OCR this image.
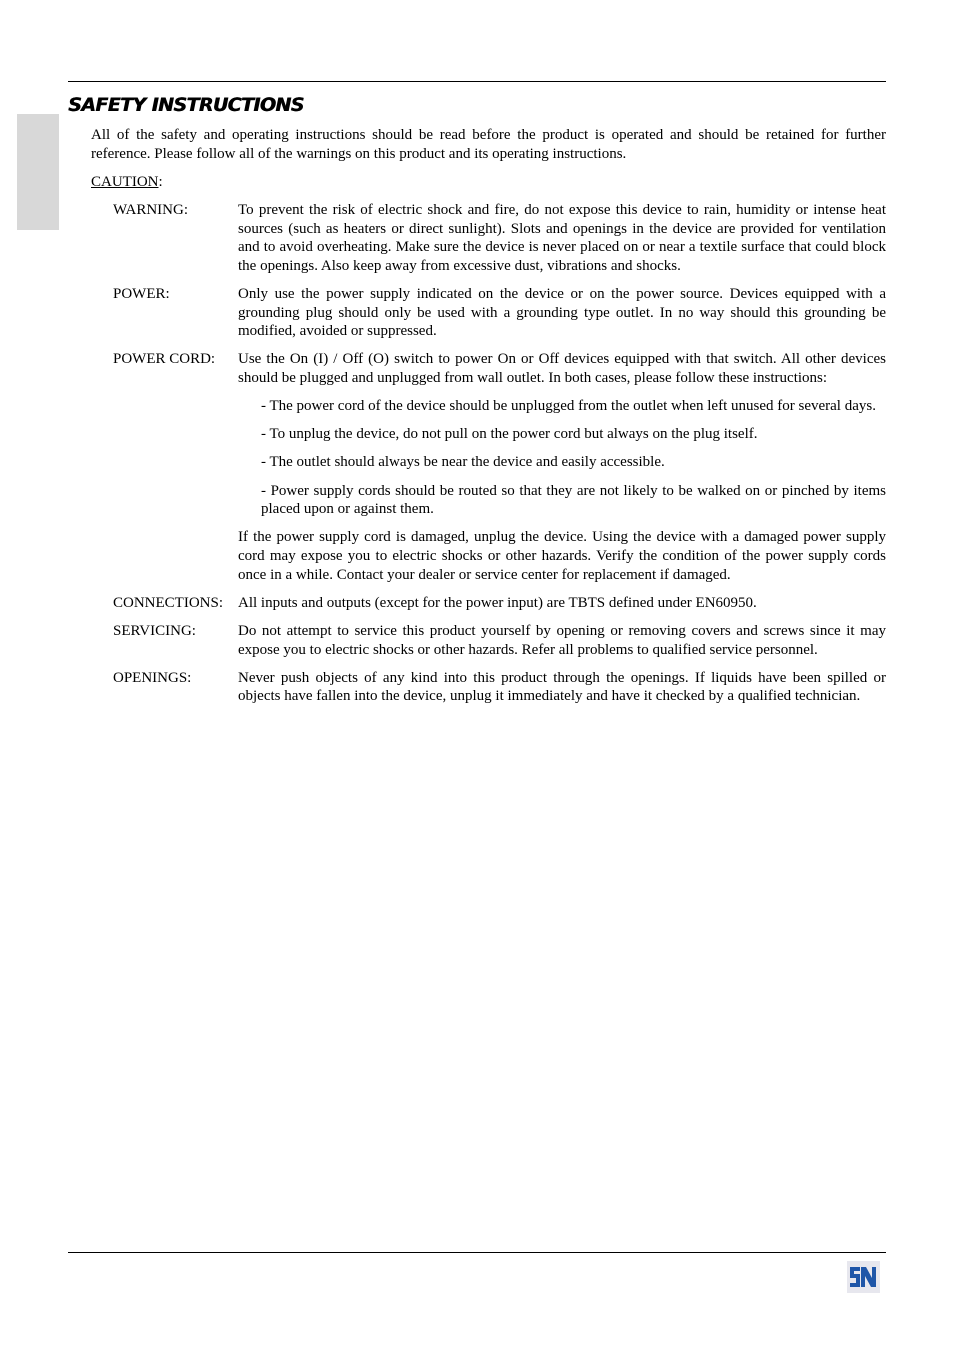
SAFETY INSTRUCTIONS

All of the safety and operating instructions should be read before the product is operated and should be retained for further reference. Please follow all of the warnings on this product and its operating instructions.

CAUTION:

WARNING:	To prevent the risk of electric shock and fire, do not expose this device to rain, humidity or intense heat sources (such as heaters or direct sunlight). Slots and openings in the device are provided for ventilation and to avoid overheating. Make sure the device is never placed on or near a textile surface that could block the openings. Also keep away from excessive dust, vibrations and shocks.

POWER:	Only use the power supply indicated on the device or on the power source. Devices equipped with a grounding plug should only be used with a grounding type outlet. In no way should this grounding be modified, avoided or suppressed.

POWER CORD:	Use the On (I) / Off (O) switch to power On or Off devices equipped with that switch. All other devices should be plugged and unplugged from wall outlet. In both cases, please follow these instructions:

- The power cord of the device should be unplugged from the outlet when left unused for several days.

- To unplug the device, do not pull on the power cord but always on the plug itself.

- The outlet should always be near the device and easily accessible.

- Power supply cords should be routed so that they are not likely to be walked on or pinched by items placed upon or against them.

If the power supply cord is damaged, unplug the device. Using the device with a damaged power supply cord may expose you to electric shocks or other hazards. Verify the condition of the power supply cords once in a while. Contact your dealer or service center for replacement if damaged.

CONNECTIONS: All inputs and outputs (except for the power input) are TBTS defined under EN60950.

SERVICING:	Do not attempt to service this product yourself by opening or removing covers and screws since it may expose you to electric shocks or other hazards. Refer all problems to qualified service personnel.

OPENINGS:	Never push objects of any kind into this product through the openings. If liquids have been spilled or objects have fallen into the device, unplug it immediately and have it checked by a qualified technician.
